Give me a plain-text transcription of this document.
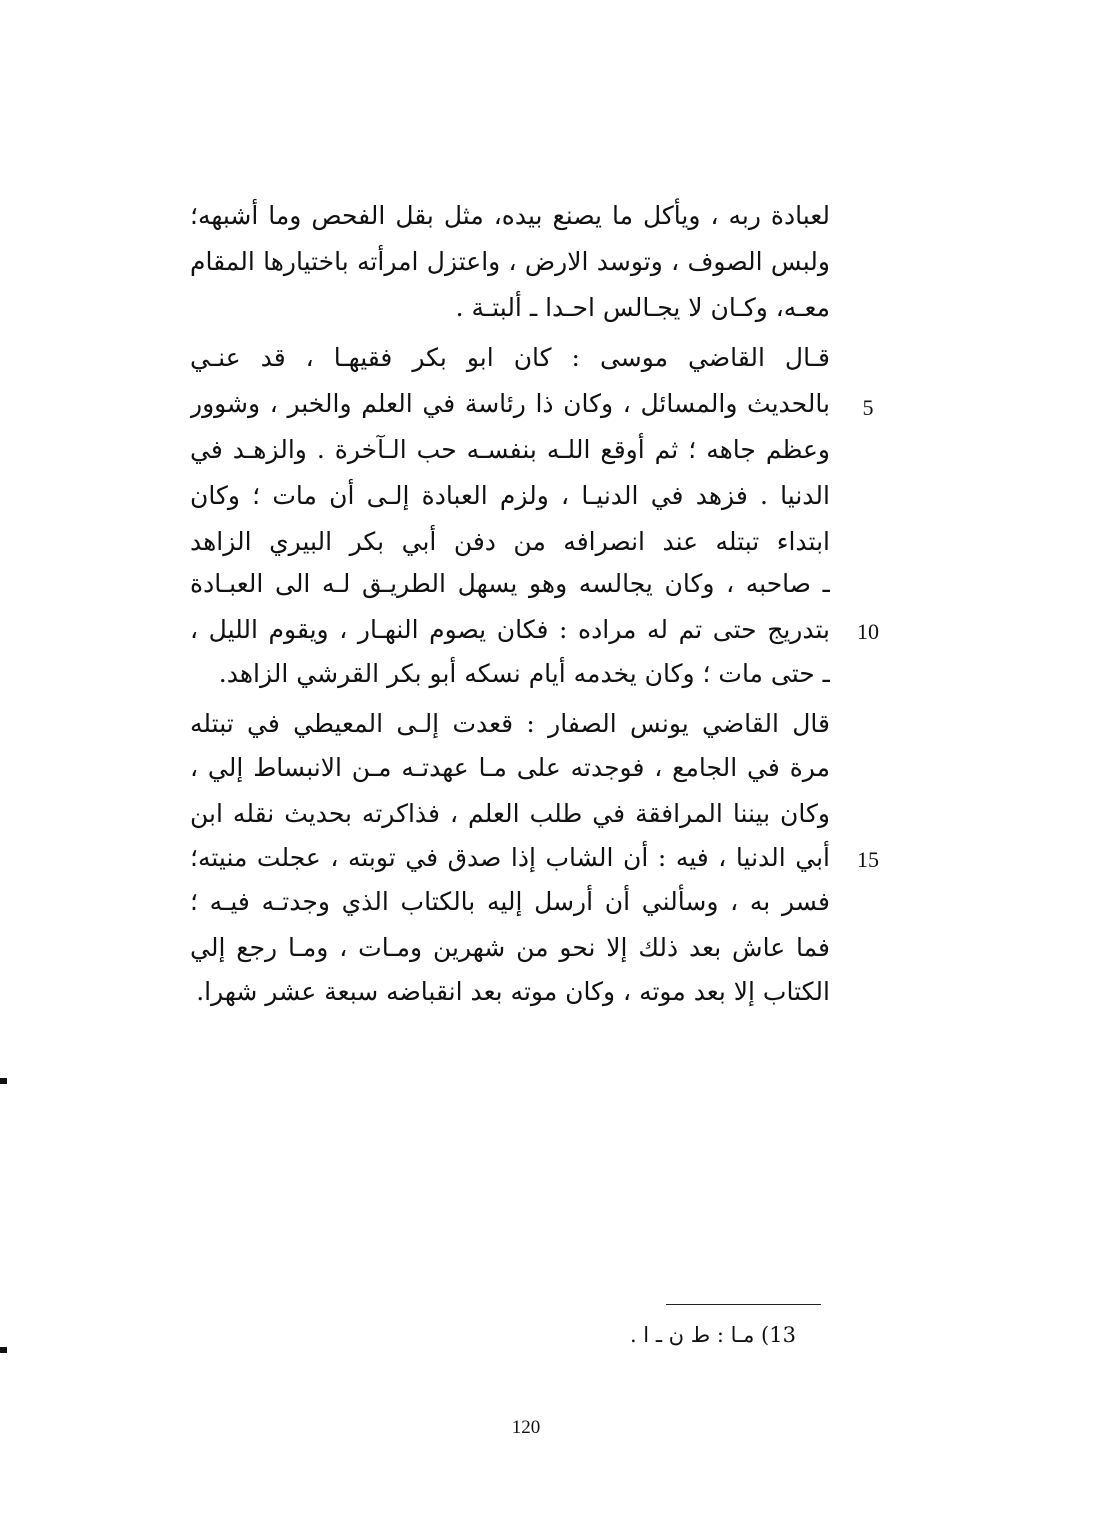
لعبادة ربه ، ويأكل ما يصنع بيده، مثل بقل الفحص وما أشبهه؛
ولبس الصوف ، وتوسد الارض ، واعتزل امرأته باختيارها المقام
معـه، وكـان لا يجـالس احـدا ـ ألبتـة .
قـال القاضي موسى : كان ابو بكر فقيهـا ، قد عنـي
بالحديث والمسائل ، وكان ذا رئاسة في العلم والخبر ، وشوور
وعظم جاهه ؛ ثم أوقع اللـه بنفسـه حب الـآخرة . والزهـد في
الدنيا . فزهد في الدنيـا ، ولزم العبادة إلـى أن مات ؛ وكان
ابتداء تبتله عند انصرافه من دفن أبي بكر البيري الزاهد
ـ صاحبه ، وكان يجالسه وهو يسهل الطريـق لـه الى العبـادة
بتدريج حتى تم له مراده : فكان يصوم النهـار ، ويقوم الليل ،
ـ حتى مات ؛ وكان يخدمه أيام نسكه أبو بكر القرشي الزاهد.
قال القاضي يونس الصفار : قعدت إلـى المعيطي في تبتله
مرة في الجامع ، فوجدته على مـا عهدتـه مـن الانبساط إلي ،
وكان بيننا المرافقة في طلب العلم ، فذاكرته بحديث نقله ابن
أبي الدنيا ، فيه : أن الشاب إذا صدق في توبته ، عجلت منيته؛
فسر به ، وسألني أن أرسل إليه بالكتاب الذي وجدتـه فيـه ؛
فما عاش بعد ذلك إلا نحو من شهرين ومـات ، ومـا رجع إلي
الكتاب إلا بعد موته ، وكان موته بعد انقباضه سبعة عشر شهرا.
5
10
15
13) مـا : ط ن ـ ا .
120
